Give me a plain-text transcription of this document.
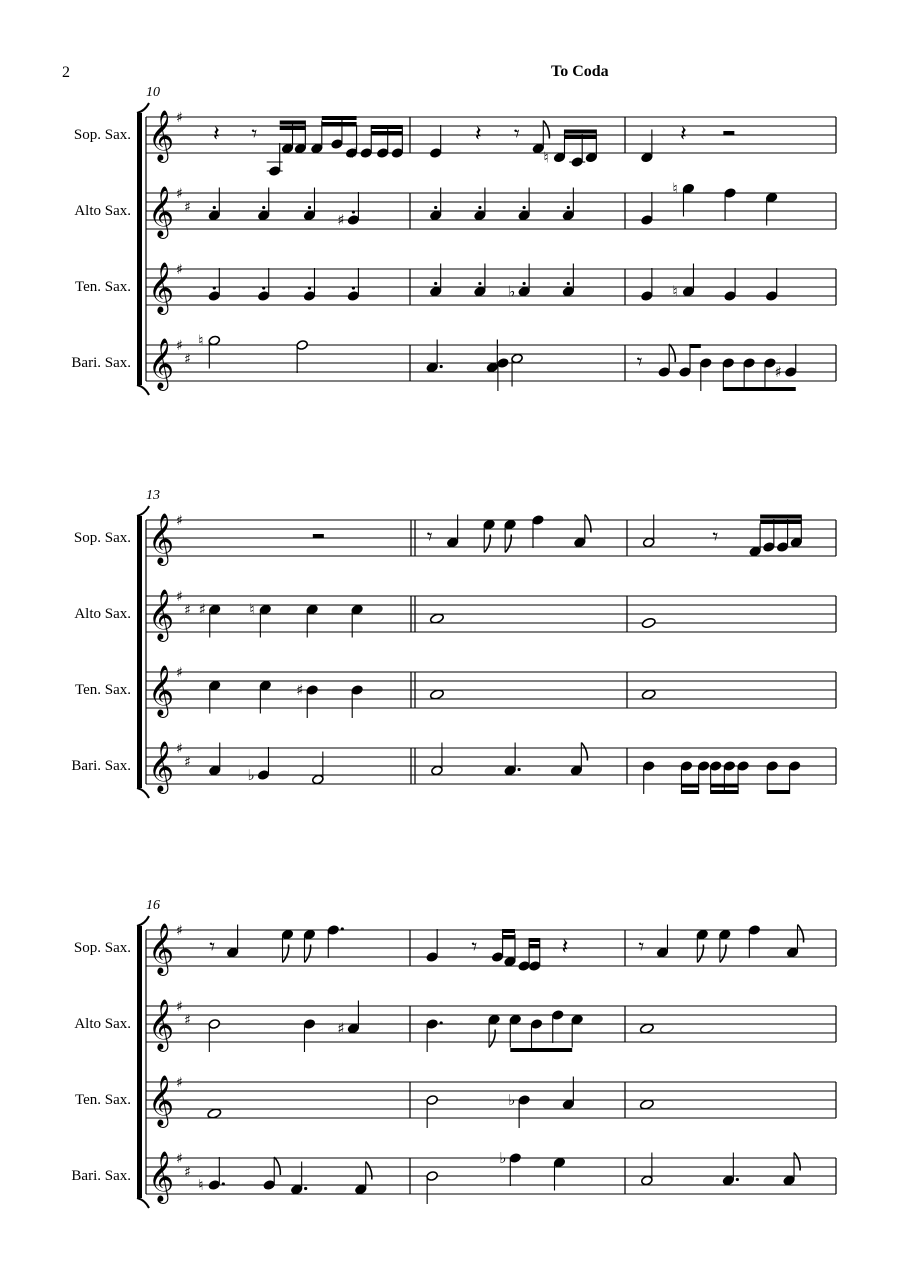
2	To Coda
10
Sop. Sax. 𝄞 ♯
𝄽 𝄾
♯
𝄽 𝄾
♮
𝄽
Alto Sax. 𝄞 ♯
♯
♯
♮
Ten. Sax. 𝄞 ♯
♭	♮
Bari. Sax. 𝄞 ♯
♯
♮
𝄾	♯
13
Sop. Sax. 𝄞 ♯
𝄾	𝄾
Alto Sax. 𝄞 ♯
♯ ♯	♮
Ten. Sax. 𝄞 ♯
♯
Bari. Sax. 𝄞 ♯
♯
♭
16
Sop. Sax. 𝄞 ♯
𝄾	𝄾	𝄽	𝄾
Alto Sax. 𝄞 ♯
♯	♯
Ten. Sax. 𝄞 ♯
♭
Bari. Sax. 𝄞 ♯
♯
♮
♭
